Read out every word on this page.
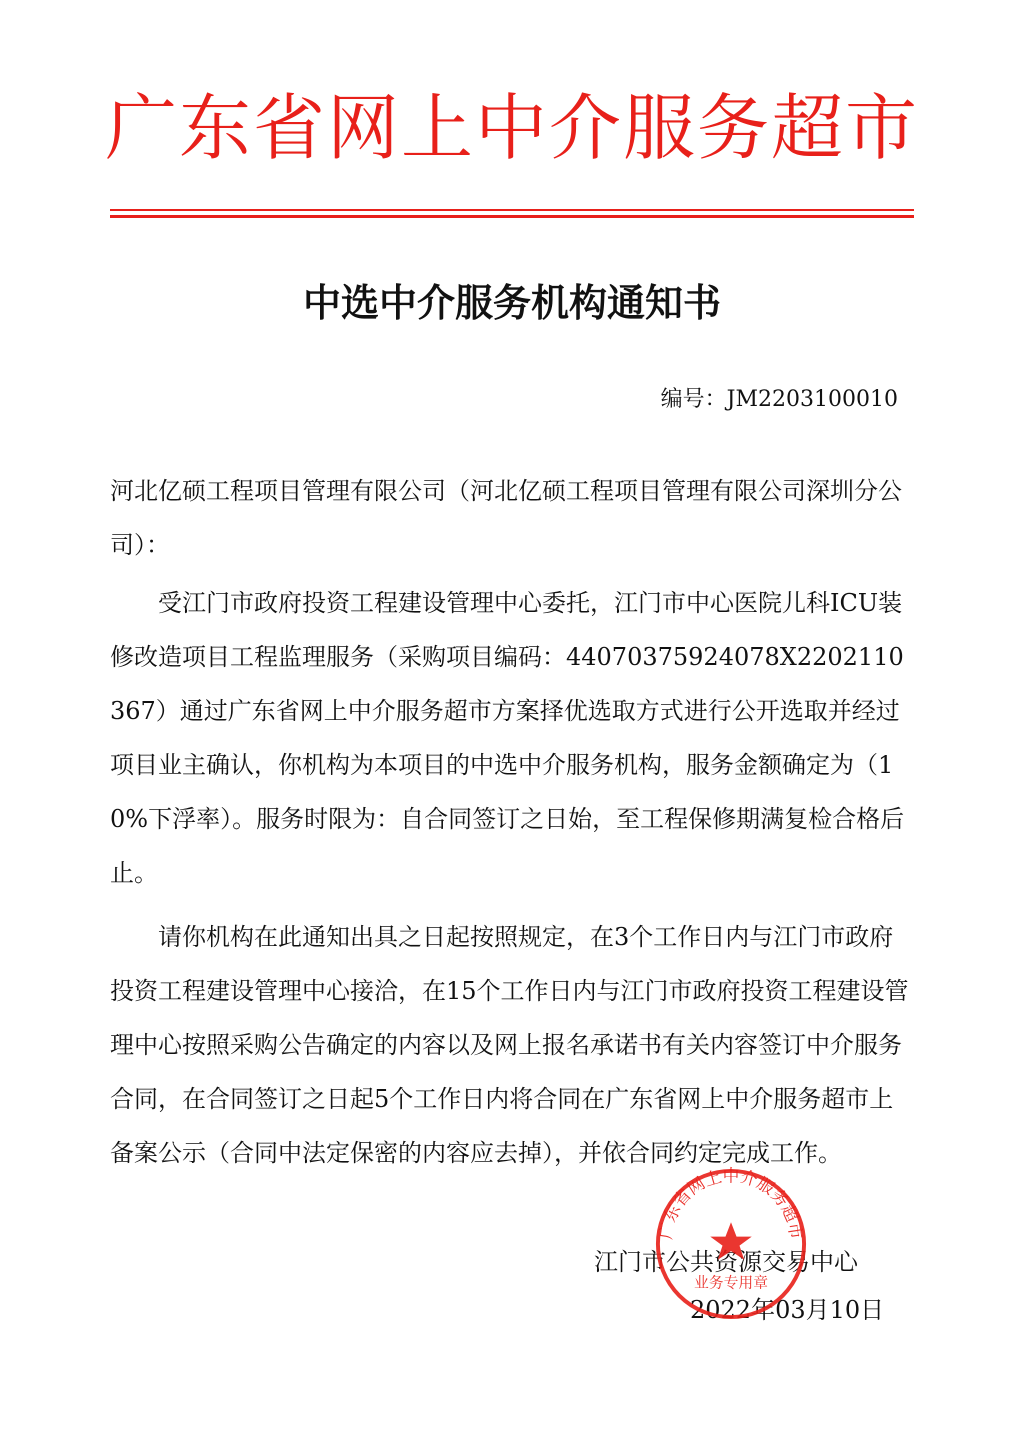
广东省网上中介服务超市
中选中介服务机构通知书
编号：JM2203100010

河北亿硕工程项目管理有限公司（河北亿硕工程项目管理有限公司深圳分公司）：

受江门市政府投资工程建设管理中心委托，江门市中心医院儿科ICU装修改造项目工程监理服务（采购项目编码：44070375924078X2202110367）通过广东省网上中介服务超市方案择优选取方式进行公开选取并经过项目业主确认，你机构为本项目的中选中介服务机构，服务金额确定为（10%下浮率）。服务时限为：自合同签订之日始，至工程保修期满复检合格后止。

请你机构在此通知出具之日起按照规定，在3个工作日内与江门市政府投资工程建设管理中心接洽，在15个工作日内与江门市政府投资工程建设管理中心按照采购公告确定的内容以及网上报名承诺书有关内容签订中介服务合同，在合同签订之日起5个工作日内将合同在广东省网上中介服务超市上备案公示（合同中法定保密的内容应去掉），并依合同约定完成工作。

江门市公共资源交易中心
2022年03月10日
广东省网上中介服务超市
业务专用章
